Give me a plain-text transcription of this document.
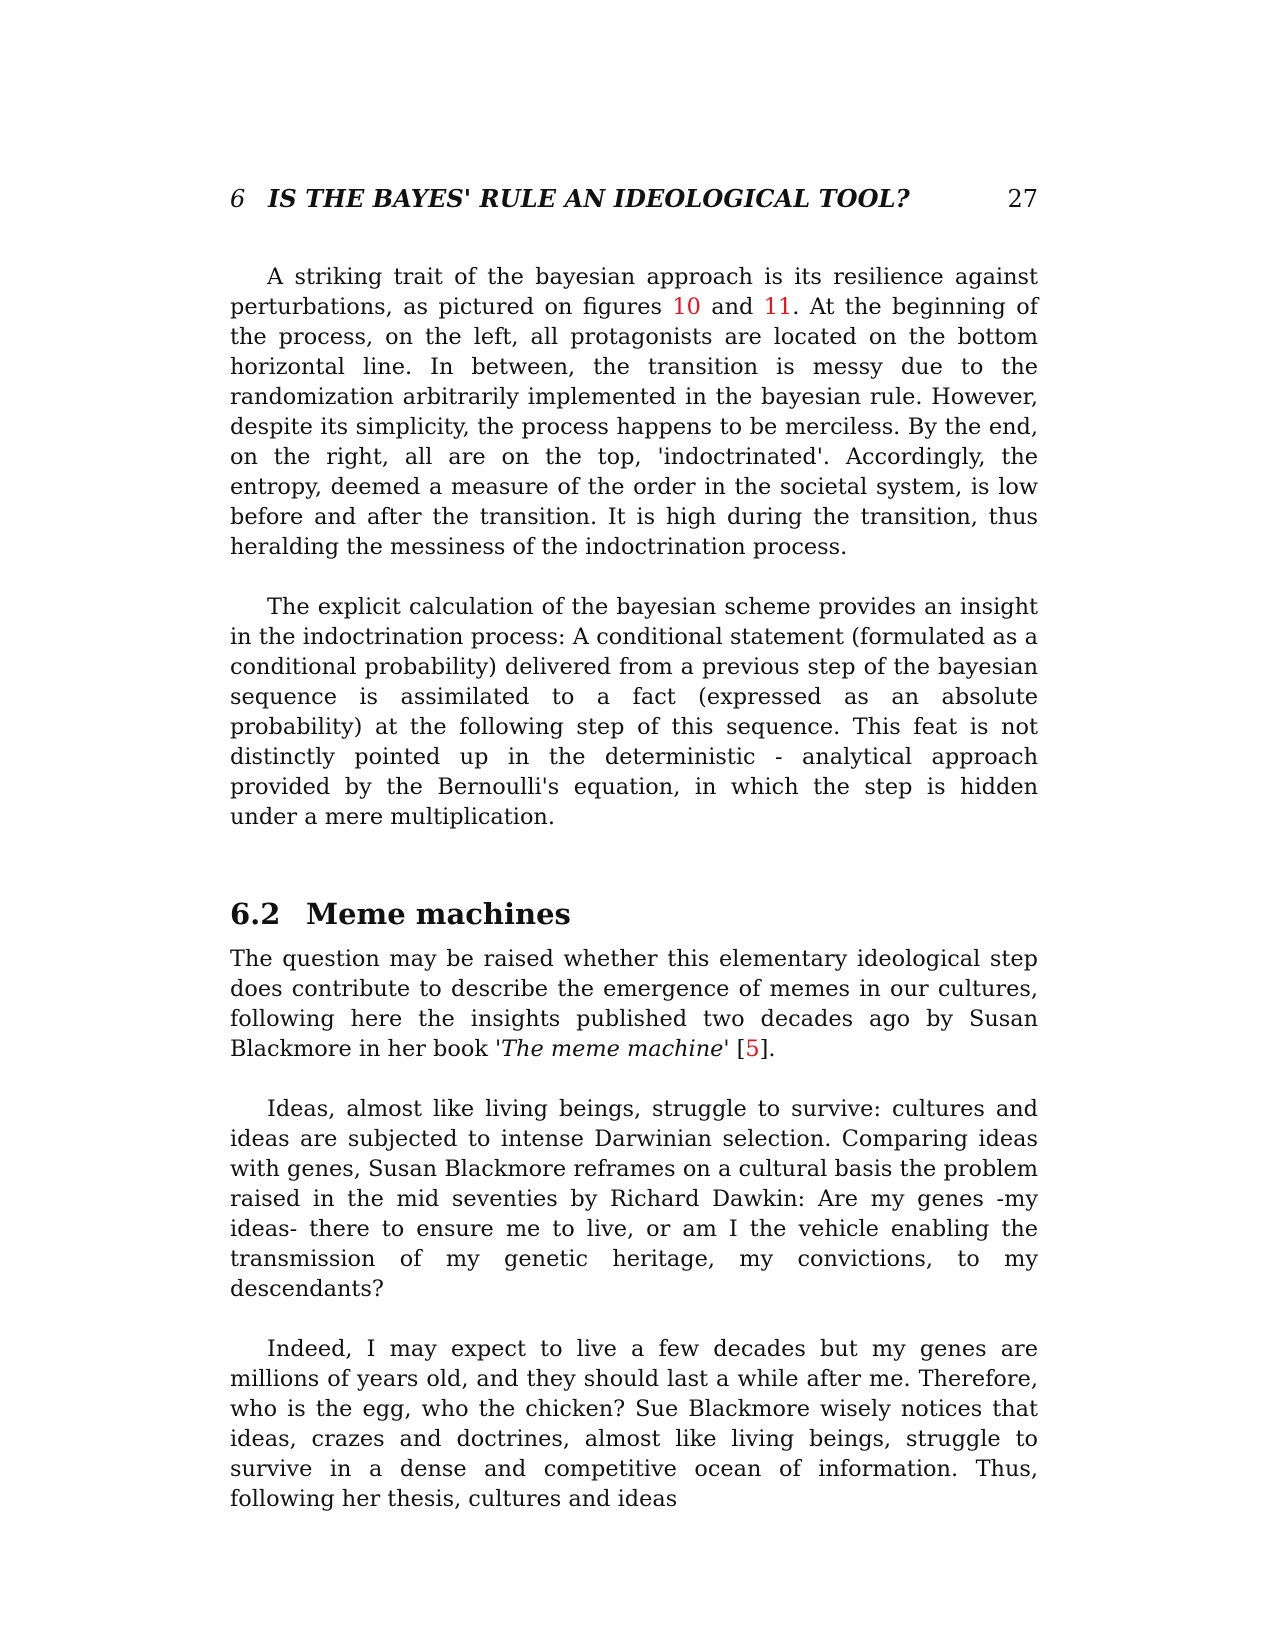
6 IS THE BAYES' RULE AN IDEOLOGICAL TOOL?	27

A striking trait of the bayesian approach is its resilience against perturbations, as pictured on figures 10 and 11. At the beginning of the process, on the left, all protagonists are located on the bottom horizontal line. In between, the transition is messy due to the randomization arbitrarily implemented in the bayesian rule. However, despite its simplicity, the process happens to be merciless. By the end, on the right, all are on the top, 'indoctrinated'. Accordingly, the entropy, deemed a measure of the order in the societal system, is low before and after the transition. It is high during the transition, thus heralding the messiness of the indoctrination process.

The explicit calculation of the bayesian scheme provides an insight in the indoctrination process: A conditional statement (formulated as a conditional probability) delivered from a previous step of the bayesian sequence is assimilated to a fact (expressed as an absolute probability) at the following step of this sequence. This feat is not distinctly pointed up in the deterministic - analytical approach provided by the Bernoulli's equation, in which the step is hidden under a mere multiplication.

6.2 Meme machines

The question may be raised whether this elementary ideological step does contribute to describe the emergence of memes in our cultures, following here the insights published two decades ago by Susan Blackmore in her book 'The meme machine' [5].

Ideas, almost like living beings, struggle to survive: cultures and ideas are subjected to intense Darwinian selection. Comparing ideas with genes, Susan Blackmore reframes on a cultural basis the problem raised in the mid seventies by Richard Dawkin: Are my genes -my ideas- there to ensure me to live, or am I the vehicle enabling the transmission of my genetic heritage, my convictions, to my descendants?

Indeed, I may expect to live a few decades but my genes are millions of years old, and they should last a while after me. Therefore, who is the egg, who the chicken? Sue Blackmore wisely notices that ideas, crazes and doctrines, almost like living beings, struggle to survive in a dense and competitive ocean of information. Thus, following her thesis, cultures and ideas
